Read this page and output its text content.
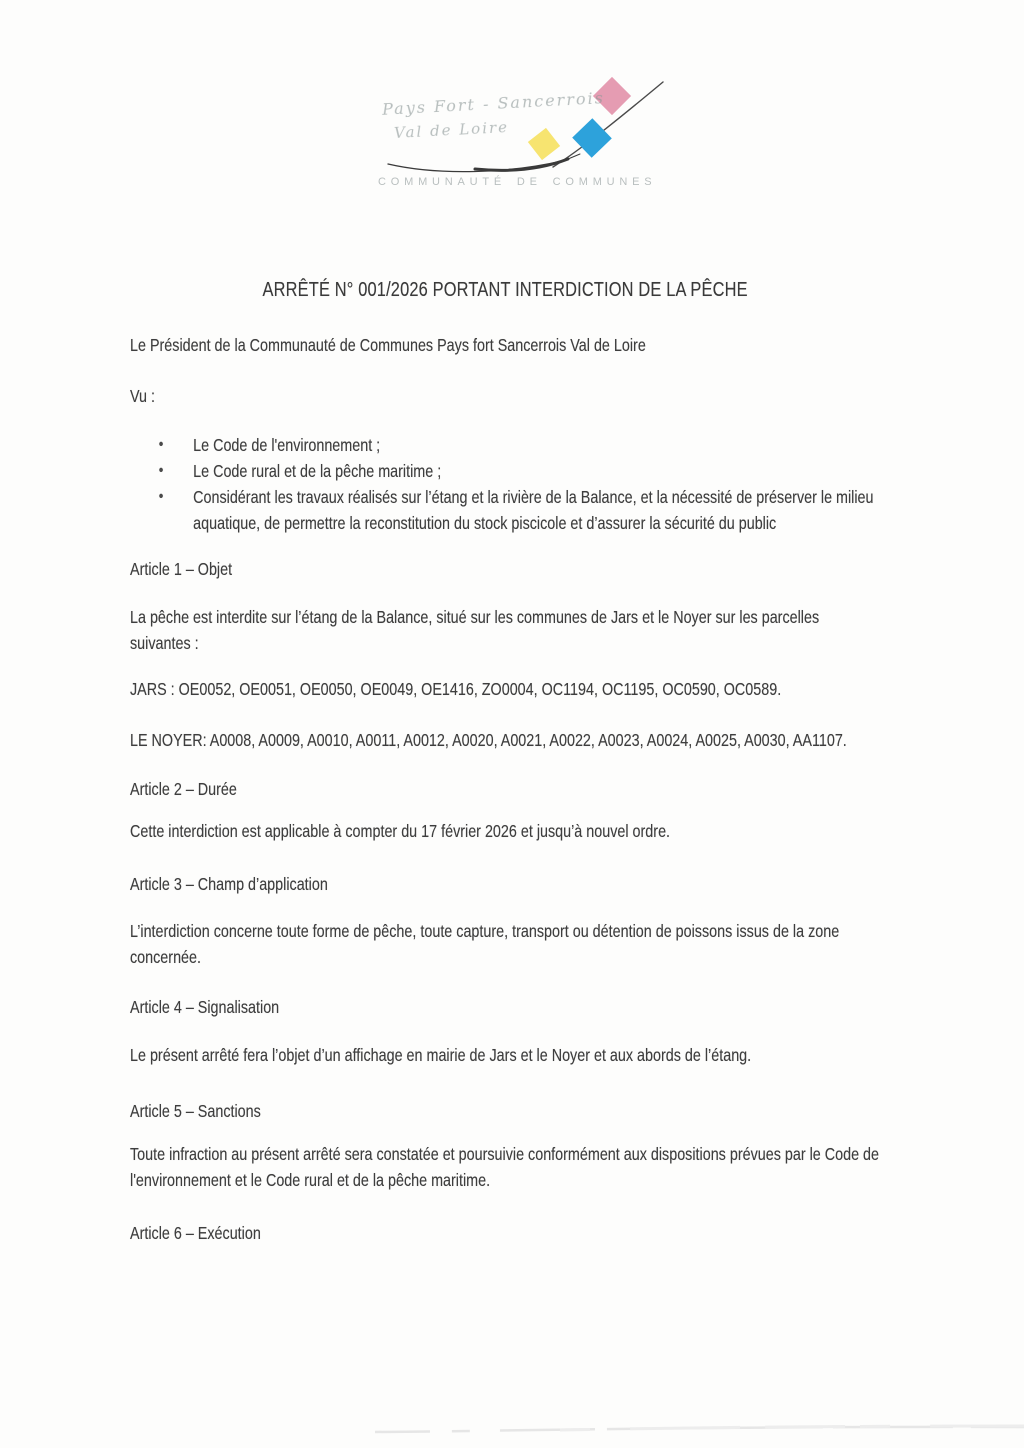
Pays Fort - Sancerrois
Val de Loire
COMMUNAUTÉ DE COMMUNES
ARRÊTÉ N° 001/2026 PORTANT INTERDICTION DE LA PÊCHE

Le Président de la Communauté de Communes Pays fort Sancerrois Val de Loire

Vu :

• Le Code de l'environnement ;
• Le Code rural et de la pêche maritime ;
• Considérant les travaux réalisés sur l’étang et la rivière de la Balance, et la nécessité de préserver le milieu aquatique, de permettre la reconstitution du stock piscicole et d’assurer la sécurité du public
Article 1 – Objet

La pêche est interdite sur l’étang de la Balance, situé sur les communes de Jars et le Noyer sur les parcelles suivantes :

JARS : OE0052, OE0051, OE0050, OE0049, OE1416, ZO0004, OC1194, OC1195, OC0590, OC0589.

LE NOYER: A0008, A0009, A0010, A0011, A0012, A0020, A0021, A0022, A0023, A0024, A0025, A0030, AA1107.

Article 2 – Durée

Cette interdiction est applicable à compter du 17 février 2026 et jusqu’à nouvel ordre.

Article 3 – Champ d’application

L’interdiction concerne toute forme de pêche, toute capture, transport ou détention de poissons issus de la zone concernée.

Article 4 – Signalisation

Le présent arrêté fera l’objet d’un affichage en mairie de Jars et le Noyer et aux abords de l’étang.

Article 5 – Sanctions

Toute infraction au présent arrêté sera constatée et poursuivie conformément aux dispositions prévues par le Code de l'environnement et le Code rural et de la pêche maritime.

Article 6 – Exécution
